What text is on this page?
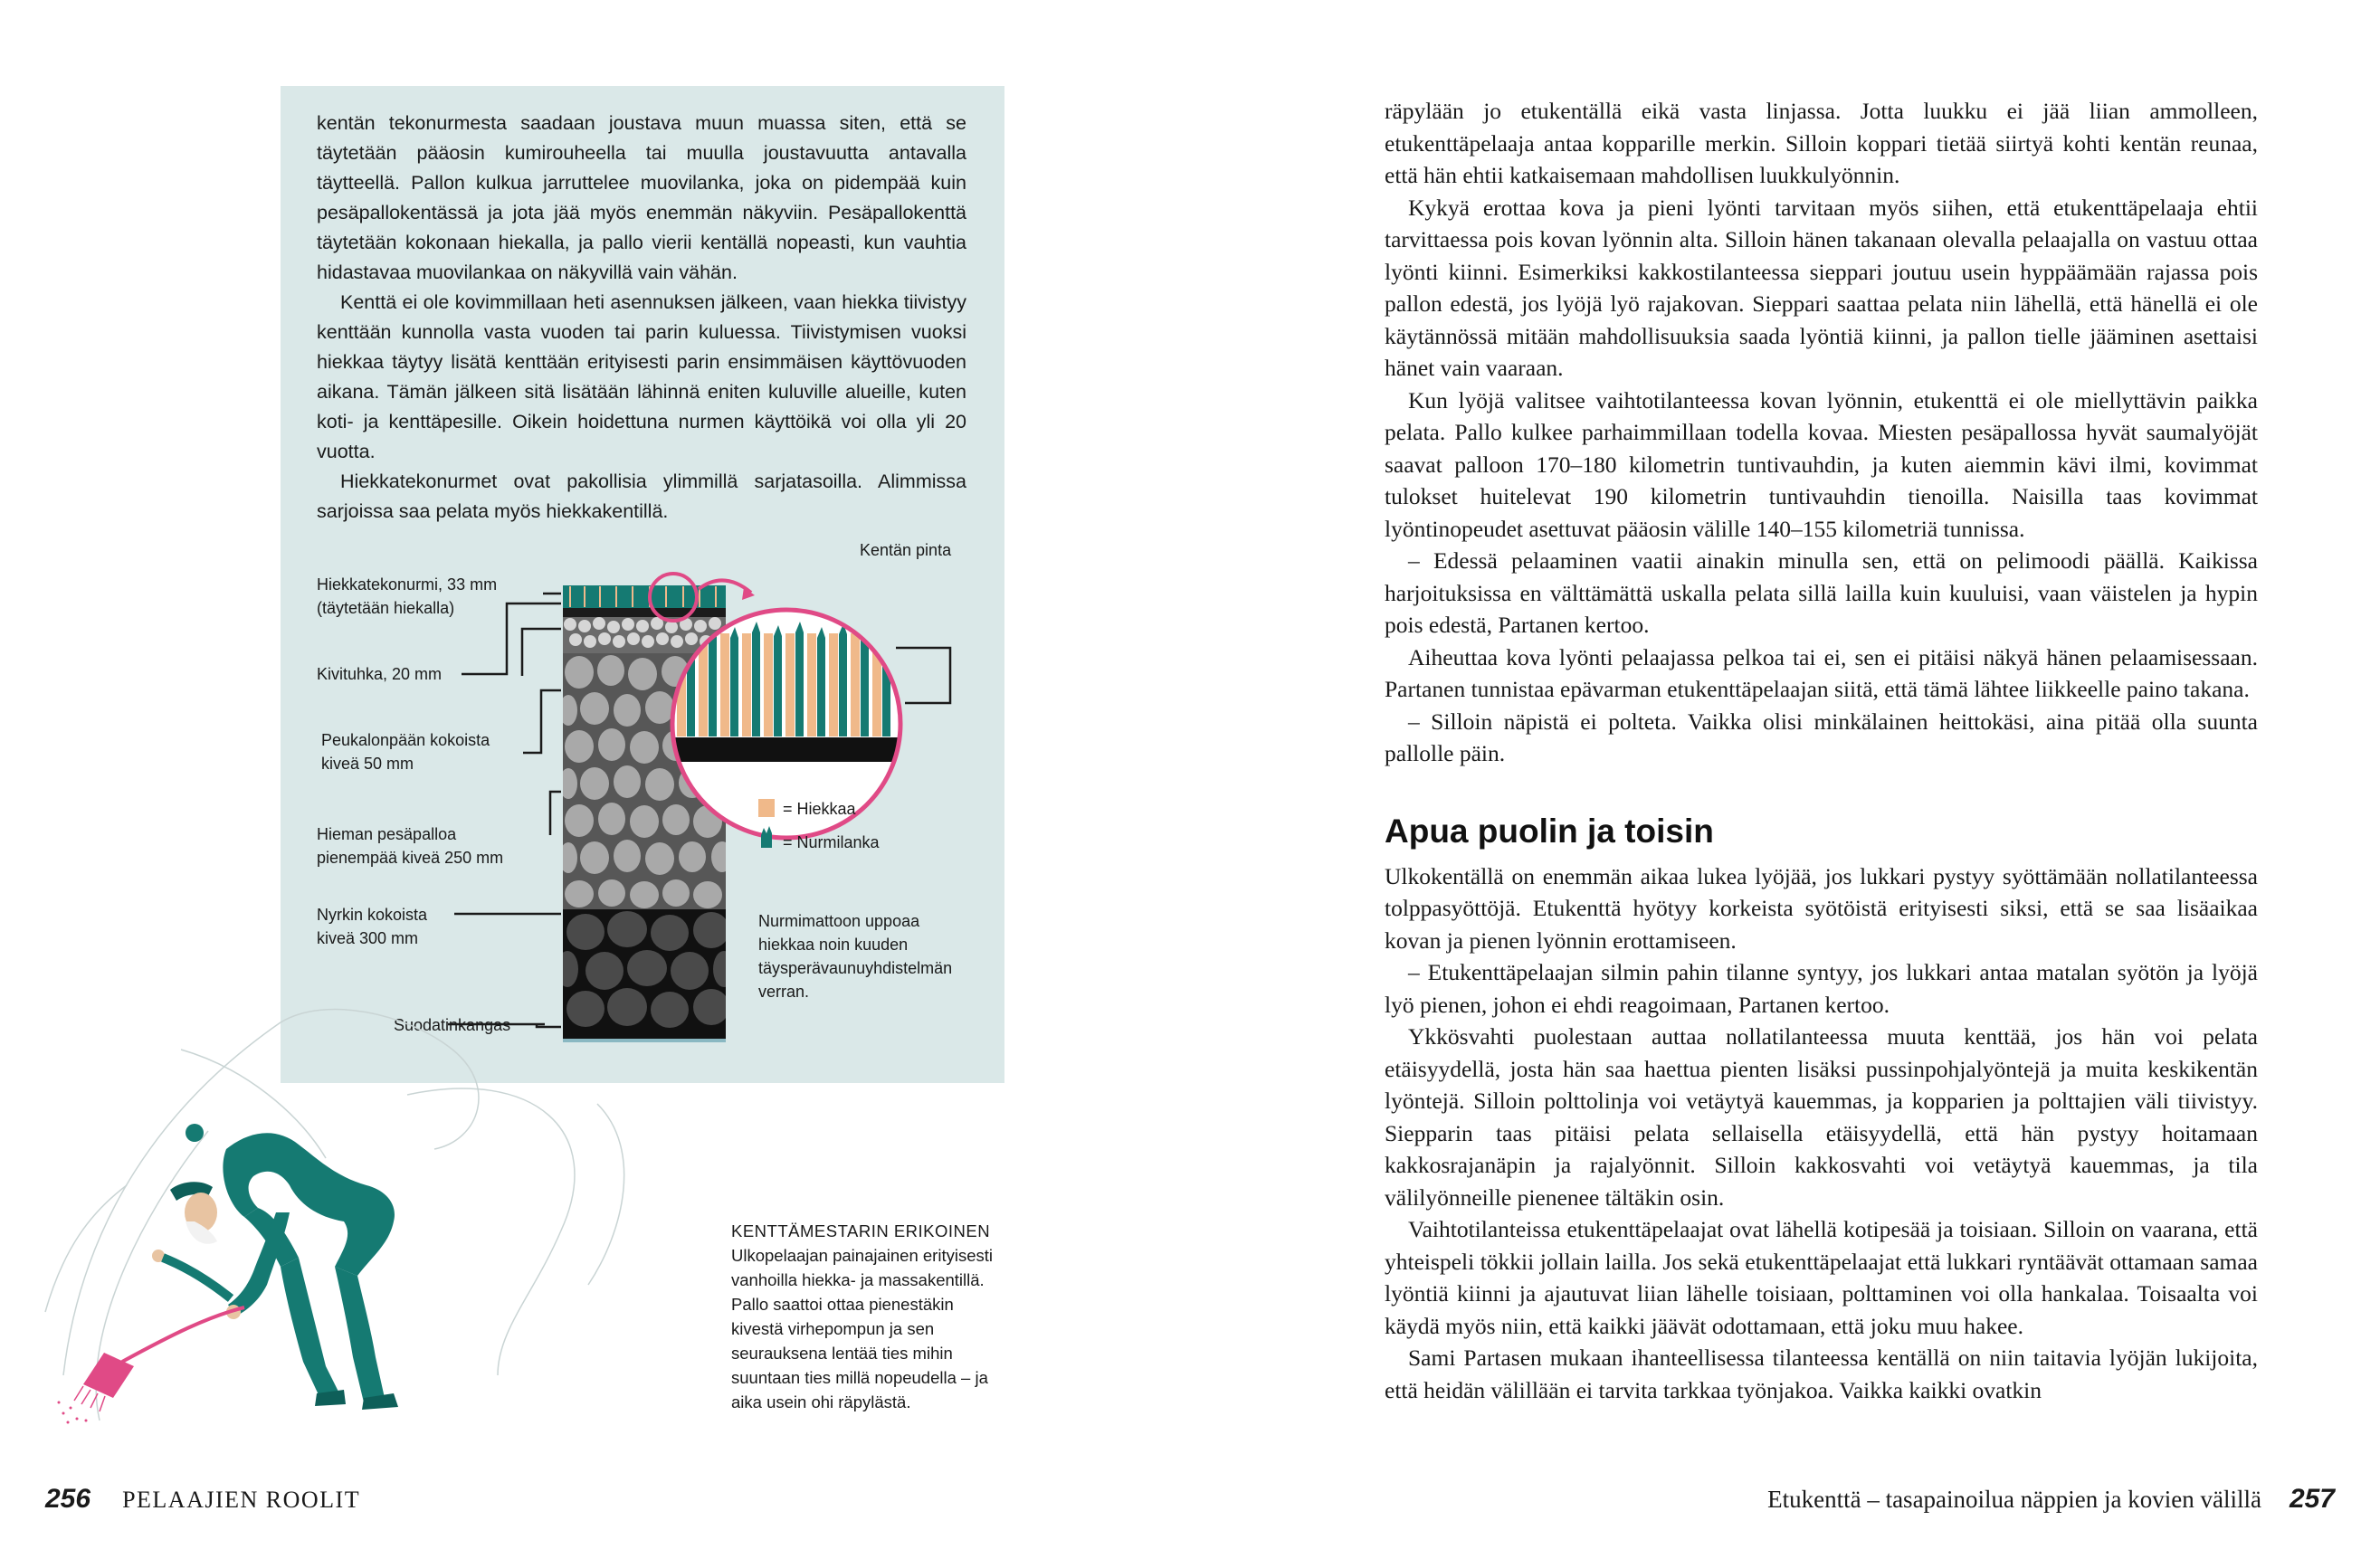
kentän tekonurmesta saadaan joustava muun muassa siten, että se täytetään pääosin kumirouheella tai muulla joustavuutta antavalla täytteellä. Pallon kulkua jarruttelee muovilanka, joka on pidempää kuin pesäpallokentässä ja jota jää myös enemmän näkyviin. Pesäpallokenttä täytetään kokonaan hiekalla, ja pallo vierii kentällä nopeasti, kun vauhtia hidastavaa muovilankaa on näkyvillä vain vähän.

Kenttä ei ole kovimmillaan heti asennuksen jälkeen, vaan hiekka tiivistyy kenttään kunnolla vasta vuoden tai parin kuluessa. Tiivistymisen vuoksi hiekkaa täytyy lisätä kenttään erityisesti parin ensimmäisen käyttövuoden aikana. Tämän jälkeen sitä lisätään lähinnä eniten kuluville alueille, kuten koti- ja kenttäpesille. Oikein hoidettuna nurmen käyttöikä voi olla yli 20 vuotta.

Hiekkatekonurmet ovat pakollisia ylimmillä sarjatasoilla. Alimmissa sarjoissa saa pelata myös hiekkakentillä.

Hiekkatekonurmi, 33 mm
(täytetään hiekalla)
Kivituhka, 20 mm
Peukalonpään kokoista
kiveä 50 mm
Hieman pesäpalloa
pienempää kiveä 250 mm
Nyrkin kokoista
kiveä 300 mm
Suodatinkangas
Kentän pinta
= Hiekkaa
= Nurmilanka
Nurmimattoon uppoaa hiekkaa noin kuuden täysperävaunuyhdistelmän verran.
KENTTÄMESTARIN ERIKOINEN
Ulkopelaajan painajainen erityisesti vanhoilla hiekka- ja massakentillä. Pallo saattoi ottaa pienestäkin kivestä virhepompun ja sen seurauksena lentää ties mihin suuntaan ties millä nopeudella – ja aika usein ohi räpylästä.
256 PELAAJIEN ROOLIT

räpylään jo etukentällä eikä vasta linjassa. Jotta luukku ei jää liian ammolleen, etukenttäpelaaja antaa kopparille merkin. Silloin koppari tietää siirtyä kohti kentän reunaa, että hän ehtii katkaisemaan mahdollisen luukkulyönnin.

Kykyä erottaa kova ja pieni lyönti tarvitaan myös siihen, että etukenttäpelaaja ehtii tarvittaessa pois kovan lyönnin alta. Silloin hänen takanaan olevalla pelaajalla on vastuu ottaa lyönti kiinni. Esimerkiksi kakkostilanteessa sieppari joutuu usein hyppäämään rajassa pois pallon edestä, jos lyöjä lyö rajakovan. Sieppari saattaa pelata niin lähellä, että hänellä ei ole käytännössä mitään mahdollisuuksia saada lyöntiä kiinni, ja pallon tielle jääminen asettaisi hänet vain vaaraan.

Kun lyöjä valitsee vaihtotilanteessa kovan lyönnin, etukenttä ei ole miellyttävin paikka pelata. Pallo kulkee parhaimmillaan todella kovaa. Miesten pesäpallossa hyvät saumalyöjät saavat palloon 170–180 kilometrin tuntivauhdin, ja kuten aiemmin kävi ilmi, kovimmat tulokset huitelevat 190 kilometrin tuntivauhdin tienoilla. Naisilla taas kovimmat lyöntinopeudet asettuvat pääosin välille 140–155 kilometriä tunnissa.

– Edessä pelaaminen vaatii ainakin minulla sen, että on pelimoodi päällä. Kaikissa harjoituksissa en välttämättä uskalla pelata sillä lailla kuin kuuluisi, vaan väistelen ja hypin pois edestä, Partanen kertoo.

Aiheuttaa kova lyönti pelaajassa pelkoa tai ei, sen ei pitäisi näkyä hänen pelaamisessaan. Partanen tunnistaa epävarman etukenttäpelaajan siitä, että tämä lähtee liikkeelle paino takana.

– Silloin näpistä ei polteta. Vaikka olisi minkälainen heittokäsi, aina pitää olla suunta pallolle päin.

Apua puolin ja toisin

Ulkokentällä on enemmän aikaa lukea lyöjää, jos lukkari pystyy syöttämään nollatilanteessa tolppasyöttöjä. Etukenttä hyötyy korkeista syötöistä erityisesti siksi, että se saa lisäaikaa kovan ja pienen lyönnin erottamiseen.

– Etukenttäpelaajan silmin pahin tilanne syntyy, jos lukkari antaa matalan syötön ja lyöjä lyö pienen, johon ei ehdi reagoimaan, Partanen kertoo.

Ykkösvahti puolestaan auttaa nollatilanteessa muuta kenttää, jos hän voi pelata etäisyydellä, josta hän saa haettua pienten lisäksi pussinpohjalyöntejä ja muita keskikentän lyöntejä. Silloin polttolinja voi vetäytyä kauemmas, ja kopparien ja polttajien väli tiivistyy. Siepparin taas pitäisi pelata sellaisella etäisyydellä, että hän pystyy hoitamaan kakkosrajanäpin ja rajalyönnit. Silloin kakkosvahti voi vetäytyä kauemmas, ja tila välilyönneille pienenee tältäkin osin.

Vaihtotilanteissa etukenttäpelaajat ovat lähellä kotipesää ja toisiaan. Silloin on vaarana, että yhteispeli tökkii jollain lailla. Jos sekä etukenttäpelaajat että lukkari ryntäävät ottamaan samaa lyöntiä kiinni ja ajautuvat liian lähelle toisiaan, polttaminen voi olla hankalaa. Toisaalta voi käydä myös niin, että kaikki jäävät odottamaan, että joku muu hakee.

Sami Partasen mukaan ihanteellisessa tilanteessa kentällä on niin taitavia lyöjän lukijoita, että heidän välillään ei tarvita tarkkaa työnjakoa. Vaikka kaikki ovatkin

Etukenttä – tasapainoilua näppien ja kovien välillä 257
